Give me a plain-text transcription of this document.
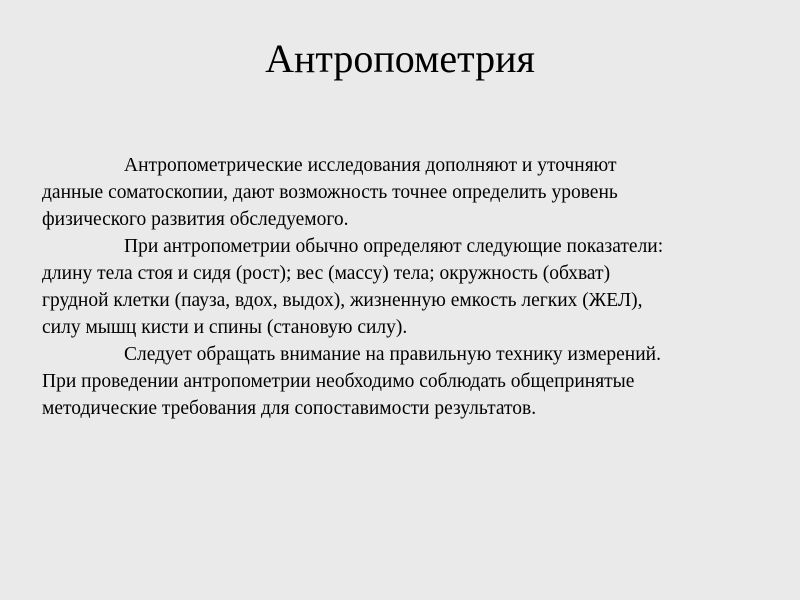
Антропометрия
Антропометрические исследования дополняют и уточняют
данные соматоскопии, дают возможность точнее определить уровень
физического развития обследуемого.
При антропометрии обычно определяют следующие показатели:
длину тела стоя и сидя (рост); вес (массу) тела; окружность (обхват)
грудной клетки (пауза, вдох, выдох), жизненную емкость легких (ЖЕЛ),
силу мышц кисти и спины (становую силу).
Следует обращать внимание на правильную технику измерений.
При проведении антропометрии необходимо соблюдать общепринятые
методические требования для сопоставимости результатов.
